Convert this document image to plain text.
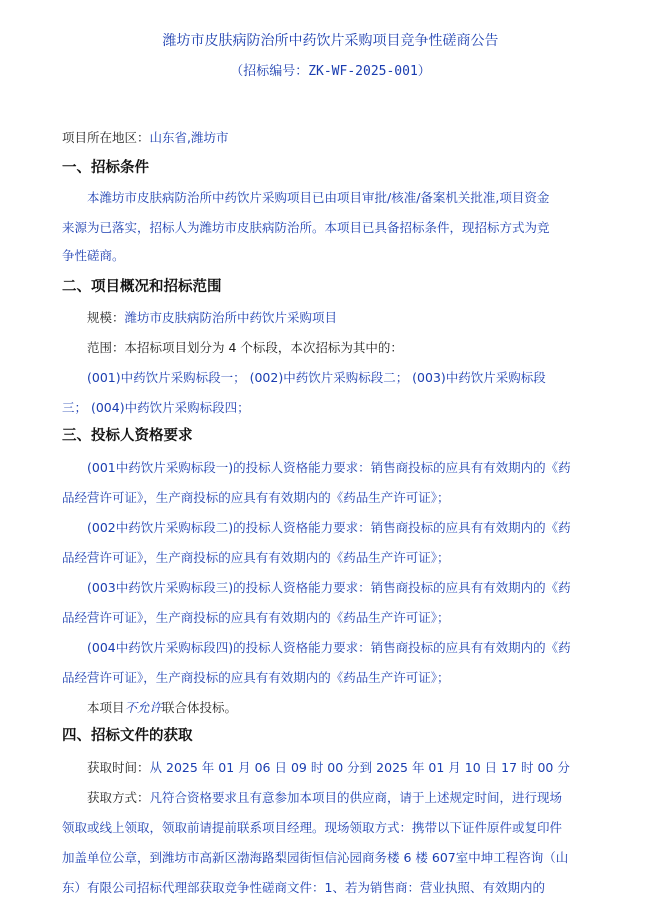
潍坊市皮肤病防治所中药饮片采购项目竞争性磋商公告
（招标编号：ZK-WF-2025-001）
项目所在地区：山东省,潍坊市
一、招标条件
本潍坊市皮肤病防治所中药饮片采购项目已由项目审批/核准/备案机关批准,项目资金
来源为已落实，招标人为潍坊市皮肤病防治所。本项目已具备招标条件，现招标方式为竞
争性磋商。
二、项目概况和招标范围
规模：潍坊市皮肤病防治所中药饮片采购项目
范围：本招标项目划分为 4 个标段，本次招标为其中的：
(001)中药饮片采购标段一； (002)中药饮片采购标段二； (003)中药饮片采购标段
三； (004)中药饮片采购标段四；
三、投标人资格要求
(001中药饮片采购标段一)的投标人资格能力要求：销售商投标的应具有有效期内的《药
品经营许可证》，生产商投标的应具有有效期内的《药品生产许可证》；
(002中药饮片采购标段二)的投标人资格能力要求：销售商投标的应具有有效期内的《药
品经营许可证》，生产商投标的应具有有效期内的《药品生产许可证》；
(003中药饮片采购标段三)的投标人资格能力要求：销售商投标的应具有有效期内的《药
品经营许可证》，生产商投标的应具有有效期内的《药品生产许可证》；
(004中药饮片采购标段四)的投标人资格能力要求：销售商投标的应具有有效期内的《药
品经营许可证》，生产商投标的应具有有效期内的《药品生产许可证》；
本项目不允许联合体投标。
四、招标文件的获取
获取时间：从 2025 年 01 月 06 日 09 时 00 分到 2025 年 01 月 10 日 17 时 00 分
获取方式：凡符合资格要求且有意参加本项目的供应商，请于上述规定时间，进行现场
领取或线上领取，领取前请提前联系项目经理。现场领取方式：携带以下证件原件或复印件
加盖单位公章，到潍坊市高新区渤海路梨园街恒信沁园商务楼 6 楼 607室中坤工程咨询（山
东）有限公司招标代理部获取竞争性磋商文件：1、若为销售商：营业执照、有效期内的
